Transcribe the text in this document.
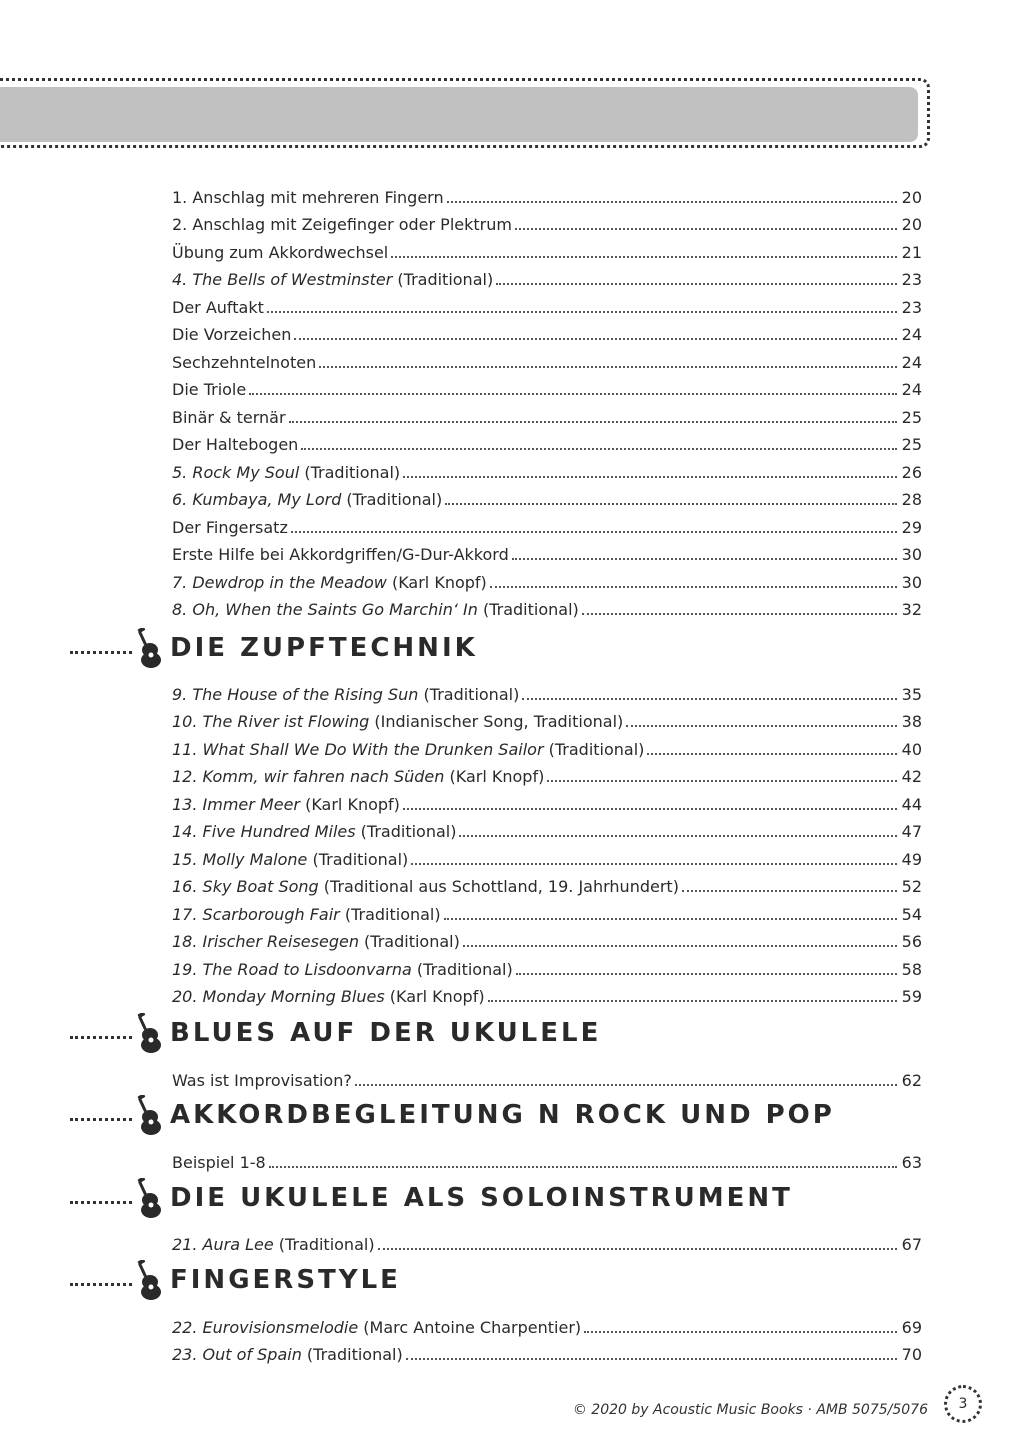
1. Anschlag mit mehreren Fingern	20
2. Anschlag mit Zeigefinger oder Plektrum	20
Übung zum Akkordwechsel	21
4. The Bells of Westminster (Traditional)	23
Der Auftakt	23
Die Vorzeichen	24
Sechzehntelnoten	24
Die Triole	24
Binär & ternär	25
Der Haltebogen	25
5. Rock My Soul (Traditional)	26
6. Kumbaya, My Lord (Traditional)	28
Der Fingersatz	29
Erste Hilfe bei Akkordgriffen/G-Dur-Akkord	30
7. Dewdrop in the Meadow (Karl Knopf)	30
8. Oh, When the Saints Go Marchin‘ In (Traditional)	32
DIE ZUPFTECHNIK
9. The House of the Rising Sun (Traditional)	35
10. The River ist Flowing (Indianischer Song, Traditional)	38
11. What Shall We Do With the Drunken Sailor (Traditional)	40
12. Komm, wir fahren nach Süden (Karl Knopf)	42
13. Immer Meer (Karl Knopf)	44
14. Five Hundred Miles (Traditional)	47
15. Molly Malone (Traditional)	49
16. Sky Boat Song (Traditional aus Schottland, 19. Jahrhundert)	52
17. Scarborough Fair (Traditional)	54
18. Irischer Reisesegen (Traditional)	56
19. The Road to Lisdoonvarna (Traditional)	58
20. Monday Morning Blues (Karl Knopf)	59
BLUES AUF DER UKULELE
Was ist Improvisation?	62
AKKORDBEGLEITUNG N ROCK UND POP
Beispiel 1-8	63
DIE UKULELE ALS SOLOINSTRUMENT
21. Aura Lee (Traditional)	67
FINGERSTYLE
22. Eurovisionsmelodie (Marc Antoine Charpentier)	69
23. Out of Spain (Traditional)	70
© 2020 by Acoustic Music Books · AMB 5075/5076 3
